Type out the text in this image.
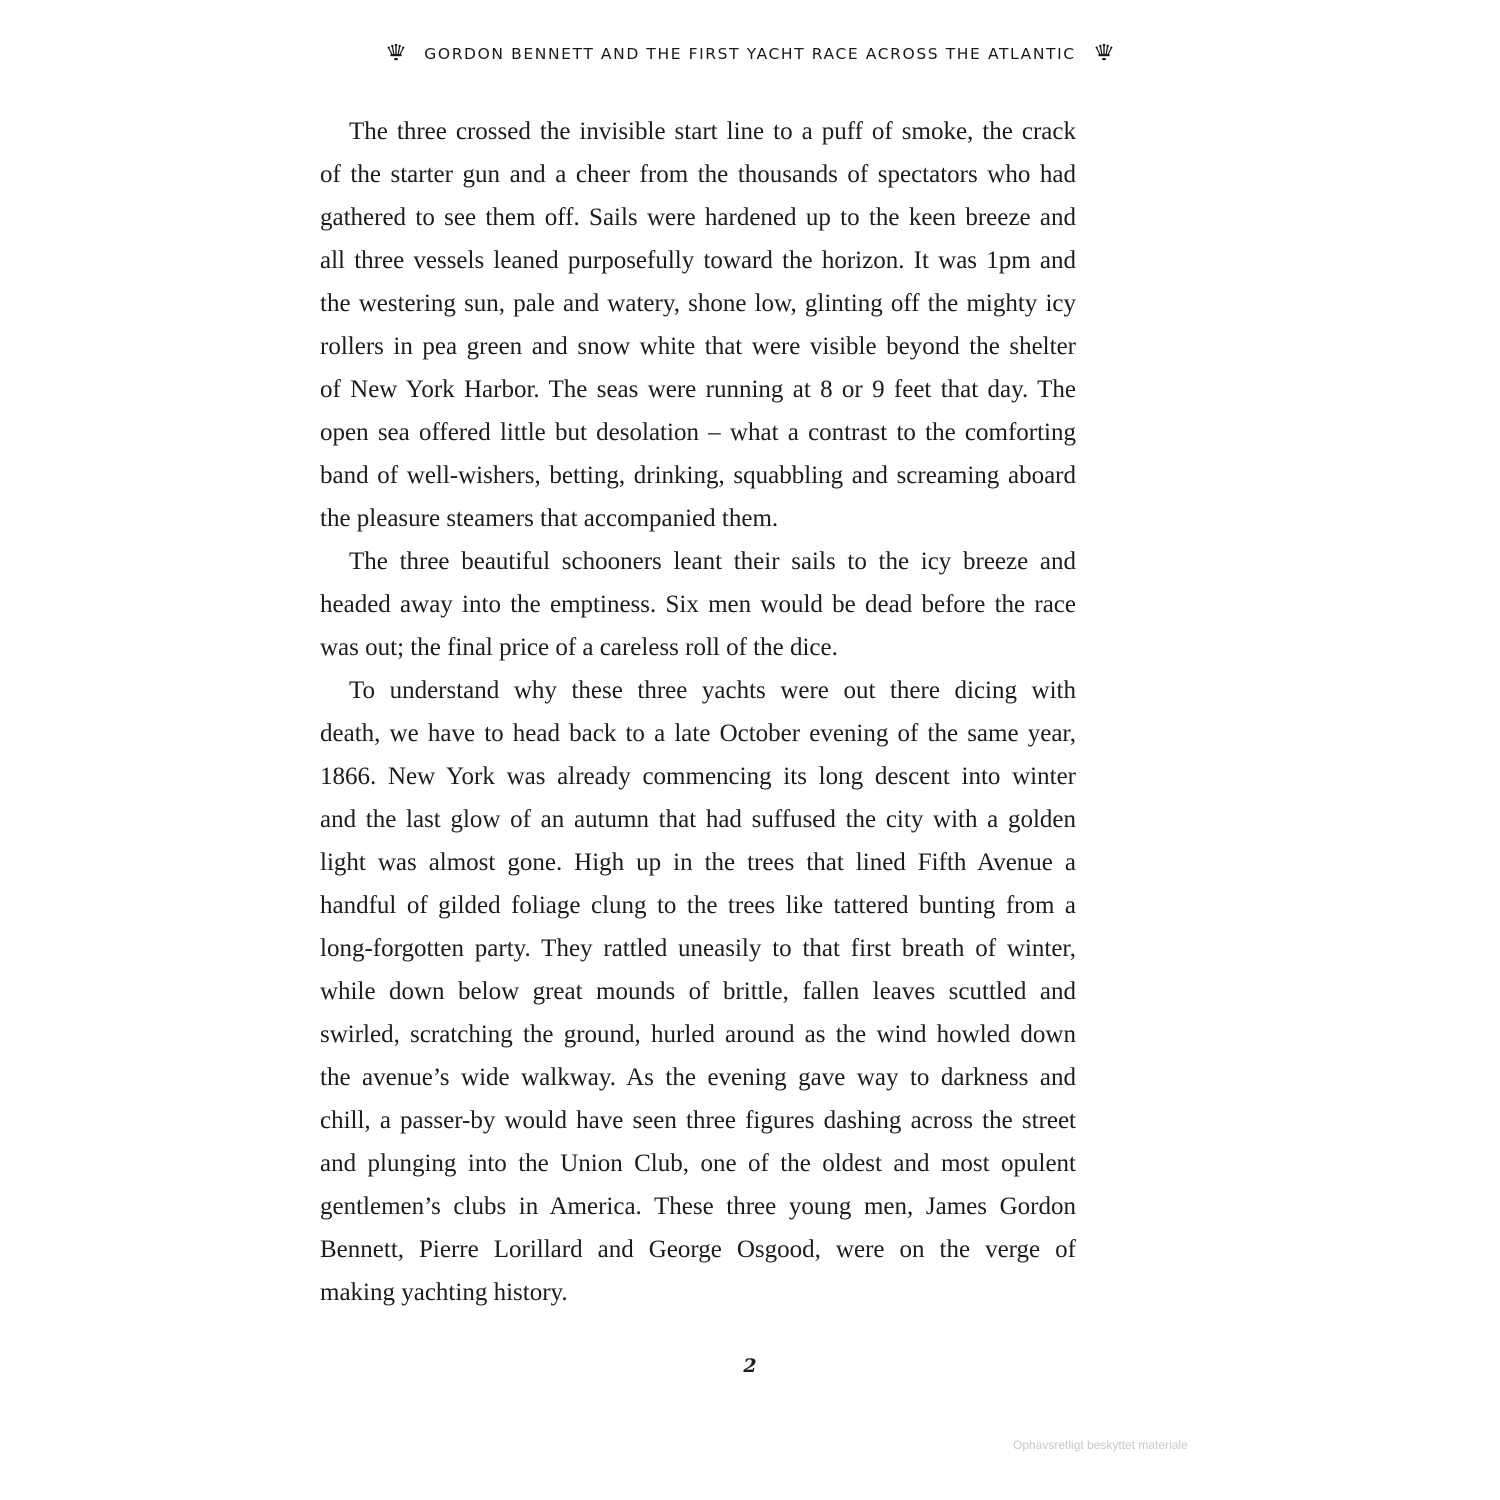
GORDON BENNETT AND THE FIRST YACHT RACE ACROSS THE ATLANTIC
The three crossed the invisible start line to a puff of smoke, the crack
of the starter gun and a cheer from the thousands of spectators who had
gathered to see them off. Sails were hardened up to the keen breeze and
all three vessels leaned purposefully toward the horizon. It was 1pm and
the westering sun, pale and watery, shone low, glinting off the mighty icy
rollers in pea green and snow white that were visible beyond the shelter
of New York Harbor. The seas were running at 8 or 9 feet that day. The
open sea offered little but desolation – what a contrast to the comforting
band of well-wishers, betting, drinking, squabbling and screaming aboard
the pleasure steamers that accompanied them.
The three beautiful schooners leant their sails to the icy breeze and
headed away into the emptiness. Six men would be dead before the race
was out; the final price of a careless roll of the dice.
To understand why these three yachts were out there dicing with
death, we have to head back to a late October evening of the same year,
1866. New York was already commencing its long descent into winter
and the last glow of an autumn that had suffused the city with a golden
light was almost gone. High up in the trees that lined Fifth Avenue a
handful of gilded foliage clung to the trees like tattered bunting from a
long-forgotten party. They rattled uneasily to that first breath of winter,
while down below great mounds of brittle, fallen leaves scuttled and
swirled, scratching the ground, hurled around as the wind howled down
the avenue’s wide walkway. As the evening gave way to darkness and
chill, a passer-by would have seen three figures dashing across the street
and plunging into the Union Club, one of the oldest and most opulent
gentlemen’s clubs in America. These three young men, James Gordon
Bennett, Pierre Lorillard and George Osgood, were on the verge of
making yachting history.
2
Ophavsretligt beskyttet materiale
